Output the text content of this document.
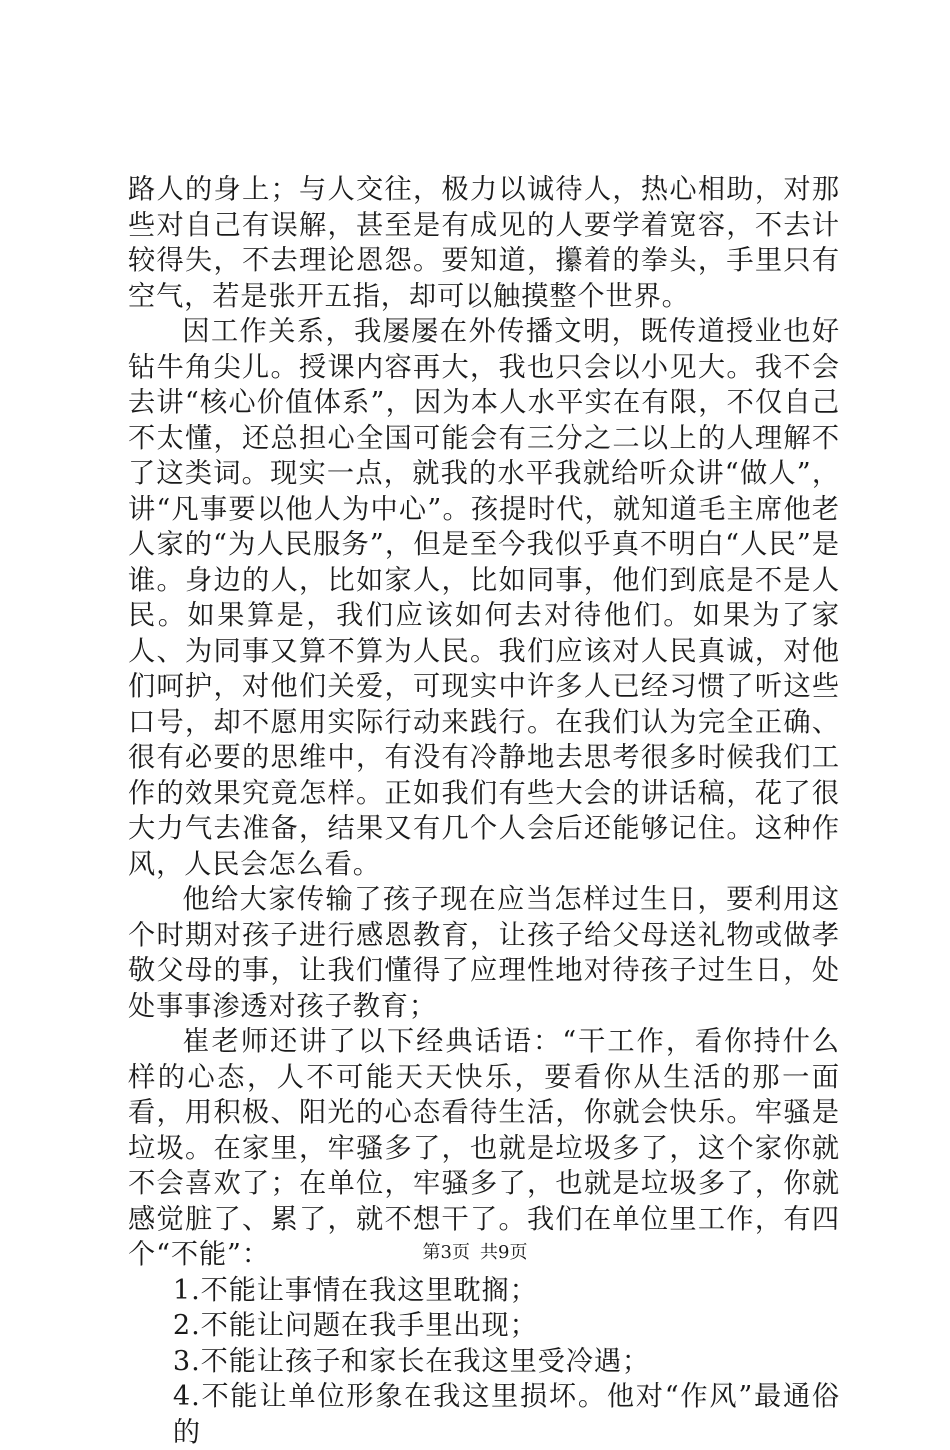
路人的身上；与人交往，极力以诚待人，热心相助，对那些对自己有误解，甚至是有成见的人要学着宽容，不去计较得失，不去理论恩怨。要知道，攥着的拳头，手里只有空气，若是张开五指，却可以触摸整个世界。

因工作关系，我屡屡在外传播文明，既传道授业也好钻牛角尖儿。授课内容再大，我也只会以小见大。我不会去讲“核心价值体系”，因为本人水平实在有限，不仅自己不太懂，还总担心全国可能会有三分之二以上的人理解不了这类词。现实一点，就我的水平我就给听众讲“做人”，讲“凡事要以他人为中心”。孩提时代，就知道毛主席他老人家的“为人民服务”，但是至今我似乎真不明白“人民”是谁。身边的人，比如家人，比如同事，他们到底是不是人民。如果算是，我们应该如何去对待他们。如果为了家人、为同事又算不算为人民。我们应该对人民真诚，对他们呵护，对他们关爱，可现实中许多人已经习惯了听这些口号，却不愿用实际行动来践行。在我们认为完全正确、很有必要的思维中，有没有冷静地去思考很多时候我们工作的效果究竟怎样。正如我们有些大会的讲话稿，花了很大力气去准备，结果又有几个人会后还能够记住。这种作风，人民会怎么看。

他给大家传输了孩子现在应当怎样过生日，要利用这个时期对孩子进行感恩教育，让孩子给父母送礼物或做孝敬父母的事，让我们懂得了应理性地对待孩子过生日，处处事事渗透对孩子教育；

崔老师还讲了以下经典话语：“干工作，看你持什么样的心态，人不可能天天快乐，要看你从生活的那一面看，用积极、阳光的心态看待生活，你就会快乐。牢骚是垃圾。在家里，牢骚多了，也就是垃圾多了，这个家你就不会喜欢了；在单位，牢骚多了，也就是垃圾多了，你就感觉脏了、累了，就不想干了。我们在单位里工作，有四个“不能”：

1.不能让事情在我这里耽搁；

2.不能让问题在我手里出现；

3.不能让孩子和家长在我这里受冷遇；

4.不能让单位形象在我这里损坏。他对“作风”最通俗的

第3页 共9页
